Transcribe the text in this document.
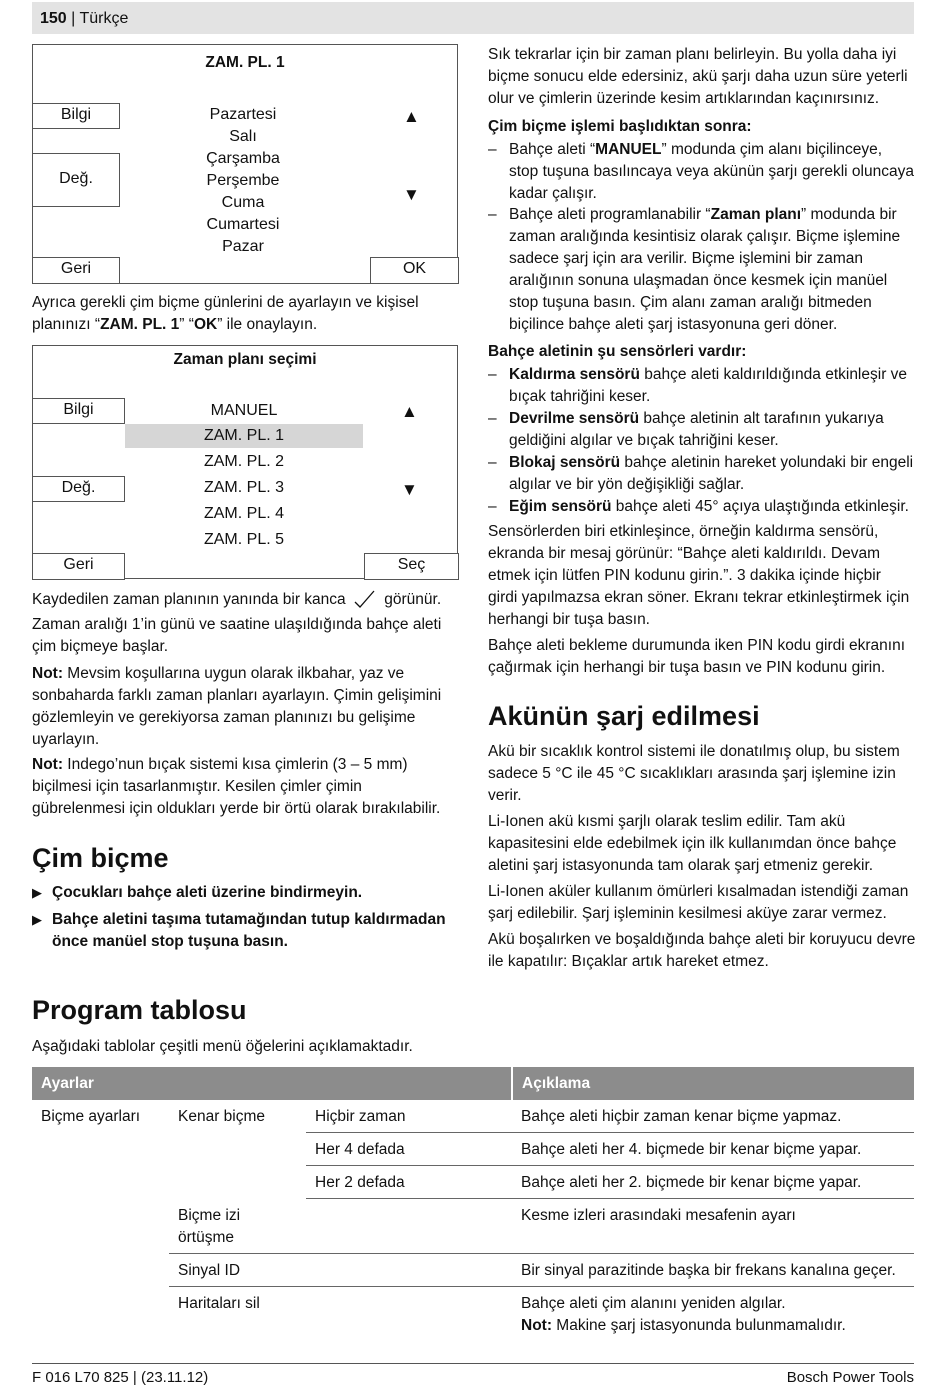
150 | Türkçe
ZAM. PL. 1
Bilgi
Değ.
Geri	OK
Pazartesi
Salı
Çarşamba
Perşembe
Cuma
Cumartesi
Pazar
▲
▼
Ayrıca gerekli çim biçme günlerini de ayarlayın ve kişisel
planınızı “ZAM. PL. 1” “OK” ile onaylayın.
Zaman planı seçimi
Bilgi
Değ.
Geri	Seç
MANUEL
ZAM. PL. 1
ZAM. PL. 2
ZAM. PL. 3
ZAM. PL. 4
ZAM. PL. 5
▲
▼
Kaydedilen zaman planının yanında bir kanca görünür.
Zaman aralığı 1’in günü ve saatine ulaşıldığında bahçe aleti
çim biçmeye başlar.
Not: Mevsim koşullarına uygun olarak ilkbahar, yaz ve
sonbaharda farklı zaman planları ayarlayın. Çimin gelişimini
gözlemleyin ve gerekiyorsa zaman planınızı bu gelişime
uyarlayın.
Not: Indego’nun bıçak sistemi kısa çimlerin (3 – 5 mm)
biçilmesi için tasarlanmıştır. Kesilen çimler çimin
gübrelenmesi için oldukları yerde bir örtü olarak bırakılabilir.
Çim biçme
▶ Çocukları bahçe aleti üzerine bindirmeyin.
▶ Bahçe aletini taşıma tutamağından tutup kaldırmadan
önce manüel stop tuşuna basın.
Sık tekrarlar için bir zaman planı belirleyin. Bu yolla daha iyi
biçme sonucu elde edersiniz, akü şarjı daha uzun süre yeterli
olur ve çimlerin üzerinde kesim artıklarından kaçınırsınız.
Çim biçme işlemi başlıdıktan sonra:
– Bahçe aleti “MANUEL” modunda çim alanı biçilinceye,
stop tuşuna basılıncaya veya akünün şarjı gerekli oluncaya
kadar çalışır.
– Bahçe aleti programlanabilir “Zaman planı” modunda bir
zaman aralığında kesintisiz olarak çalışır. Biçme işlemine
sadece şarj için ara verilir. Biçme işlemini bir zaman
aralığının sonuna ulaşmadan önce kesmek için manüel
stop tuşuna basın. Çim alanı zaman aralığı bitmeden
biçilince bahçe aleti şarj istasyonuna geri döner.
Bahçe aletinin şu sensörleri vardır:
– Kaldırma sensörü bahçe aleti kaldırıldığında etkinleşir ve
bıçak tahriğini keser.
– Devrilme sensörü bahçe aletinin alt tarafının yukarıya
geldiğini algılar ve bıçak tahriğini keser.
– Blokaj sensörü bahçe aletinin hareket yolundaki bir engeli
algılar ve bir yön değişikliği sağlar.
– Eğim sensörü bahçe aleti 45° açıya ulaştığında etkinleşir.
Sensörlerden biri etkinleşince, örneğin kaldırma sensörü,
ekranda bir mesaj görünür: “Bahçe aleti kaldırıldı. Devam
etmek için lütfen PIN kodunu girin.”. 3 dakika içinde hiçbir
girdi yapılmazsa ekran söner. Ekranı tekrar etkinleştirmek için
herhangi bir tuşa basın.
Bahçe aleti bekleme durumunda iken PIN kodu girdi ekranını
çağırmak için herhangi bir tuşa basın ve PIN kodunu girin.
Akünün şarj edilmesi
Akü bir sıcaklık kontrol sistemi ile donatılmış olup, bu sistem
sadece 5 °C ile 45 °C sıcaklıkları arasında şarj işlemine izin
verir.
Li-Ionen akü kısmi şarjlı olarak teslim edilir. Tam akü
kapasitesini elde edebilmek için ilk kullanımdan önce bahçe
aletini şarj istasyonunda tam olarak şarj etmeniz gerekir.
Li-Ionen aküler kullanım ömürleri kısalmadan istendiği zaman
şarj edilebilir. Şarj işleminin kesilmesi aküye zarar vermez.
Akü boşalırken ve boşaldığında bahçe aleti bir koruyucu devre
ile kapatılır: Bıçaklar artık hareket etmez.
Program tablosu
Aşağıdaki tablolar çeşitli menü öğelerini açıklamaktadır.
Ayarlar			Açıklama
Biçme ayarları	Kenar biçme	Hiçbir zaman	Bahçe aleti hiçbir zaman kenar biçme yapmaz.
		Her 4 defada	Bahçe aleti her 4. biçmede bir kenar biçme yapar.
		Her 2 defada	Bahçe aleti her 2. biçmede bir kenar biçme yapar.
	Biçme izi örtüşme		Kesme izleri arasındaki mesafenin ayarı
	Sinyal ID		Bir sinyal parazitinde başka bir frekans kanalına geçer.
	Haritaları sil		Bahçe aleti çim alanını yeniden algılar.
Not: Makine şarj istasyonunda bulunmamalıdır.
F 016 L70 825 | (23.11.12)	Bosch Power Tools
